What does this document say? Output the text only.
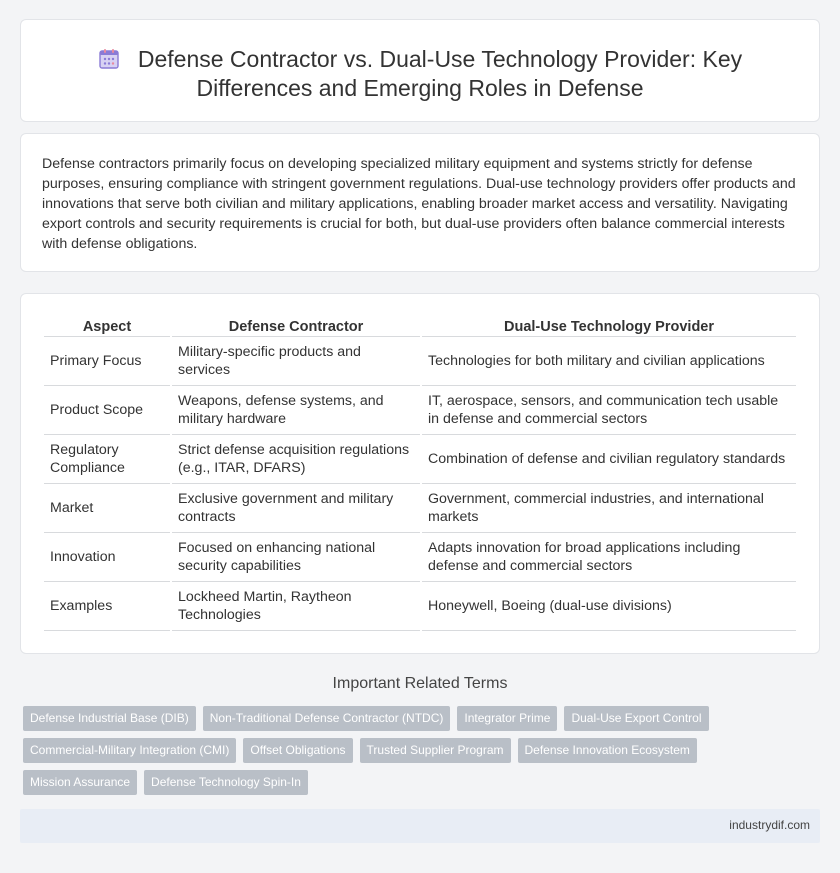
Defense Contractor vs. Dual-Use Technology Provider: Key
Differences and Emerging Roles in Defense

Defense contractors primarily focus on developing specialized military equipment and systems strictly for defense purposes, ensuring compliance with stringent government regulations. Dual-use technology providers offer products and innovations that serve both civilian and military applications, enabling broader market access and versatility. Navigating export controls and security requirements is crucial for both, but dual-use providers often balance commercial interests with defense obligations.

Aspect	Defense Contractor	Dual-Use Technology Provider
Primary Focus	Military-specific products and services	Technologies for both military and civilian applications
Product Scope	Weapons, defense systems, and military hardware	IT, aerospace, sensors, and communication tech usable in defense and commercial sectors
Regulatory Compliance	Strict defense acquisition regulations (e.g., ITAR, DFARS)	Combination of defense and civilian regulatory standards
Market	Exclusive government and military contracts	Government, commercial industries, and international markets
Innovation	Focused on enhancing national security capabilities	Adapts innovation for broad applications including defense and commercial sectors
Examples	Lockheed Martin, Raytheon Technologies	Honeywell, Boeing (dual-use divisions)
Important Related Terms
Defense Industrial Base (DIB)	Non-Traditional Defense Contractor (NTDC)	Integrator Prime	Dual-Use Export Control
Commercial-Military Integration (CMI)	Offset Obligations	Trusted Supplier Program	Defense Innovation Ecosystem
Mission Assurance	Defense Technology Spin-In
industrydif.com
